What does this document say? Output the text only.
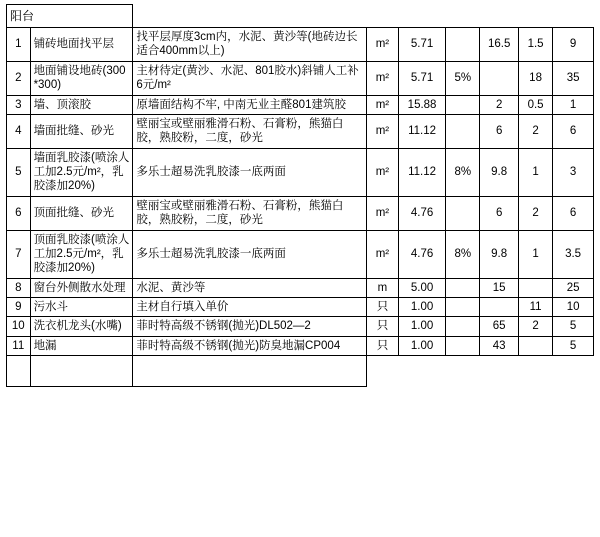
阳台								
1	铺砖地面找平层	找平层厚度3cm内，水泥、黄沙等(地砖边长适合400mm以上)	m²	5.71		16.5	1.5	9
2	地面铺设地砖(300*300)	主材待定(黄沙、水泥、801胶水)斜铺人工补6元/m²	m²	5.71	5%		18	35
3	墙、顶滚胶	原墙面结构不牢, 中南无业主醛801建筑胶	m²	15.88		2	0.5	1
4	墙面批缝、砂光	壁丽宝或壁丽雅滑石粉、石膏粉，熊猫白胶，熟胶粉，二度，砂光	m²	11.12		6	2	6
5	墙面乳胶漆(喷涂人工加2.5元/m²，乳胶漆加20%)	多乐士超易洗乳胶漆一底两面	m²	11.12	8%	9.8	1	3
6	顶面批缝、砂光	壁丽宝或壁丽雅滑石粉、石膏粉，熊猫白胶，熟胶粉，二度，砂光	m²	4.76		6	2	6
7	顶面乳胶漆(喷涂人工加2.5元/m²，乳胶漆加20%)	多乐士超易洗乳胶漆一底两面	m²	4.76	8%	9.8	1	3.5
8	窗台外侧散水处理	水泥、黄沙等	m	5.00		15		25
9	污水斗	主材自行填入单价	只	1.00			11	10
10	洗衣机龙头(水嘴)	菲时特高级不锈钢(抛光)DL502—2	只	1.00		65	2	5
11	地漏	菲时特高级不锈钢(抛光)防臭地漏CP004	只	1.00		43		5
